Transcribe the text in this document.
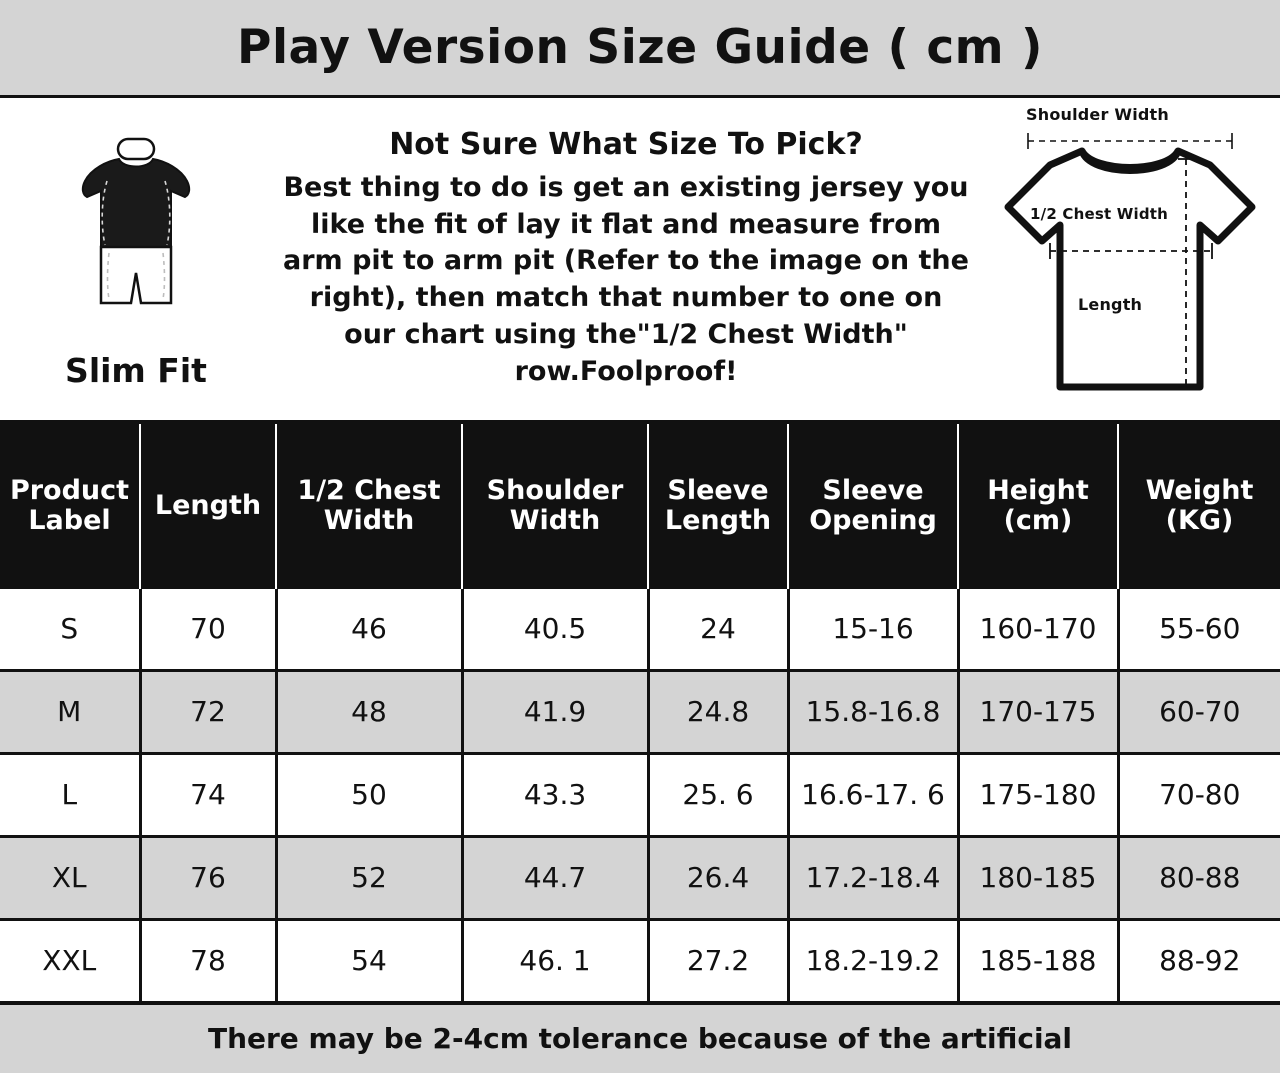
Play Version Size Guide ( cm )
Slim Fit
Not Sure What Size To Pick?
Best thing to do is get an existing jersey you like the fit of lay it flat and measure from arm pit to arm pit (Refer to the image on the right), then match that number to one on our chart using the"1/2 Chest Width" row.Foolproof!
Shoulder Width
1/2 Chest Width
Length
Product Label	Length	1/2 Chest Width	Shoulder Width	Sleeve Length	Sleeve Opening	Height (cm)	Weight (KG)
S	70	46	40.5	24	15-16	160-170	55-60
M	72	48	41.9	24.8	15.8-16.8	170-175	60-70
L	74	50	43.3	25. 6	16.6-17. 6	175-180	70-80
XL	76	52	44.7	26.4	17.2-18.4	180-185	80-88
XXL	78	54	46. 1	27.2	18.2-19.2	185-188	88-92
There may be 2-4cm tolerance because of the artificial
